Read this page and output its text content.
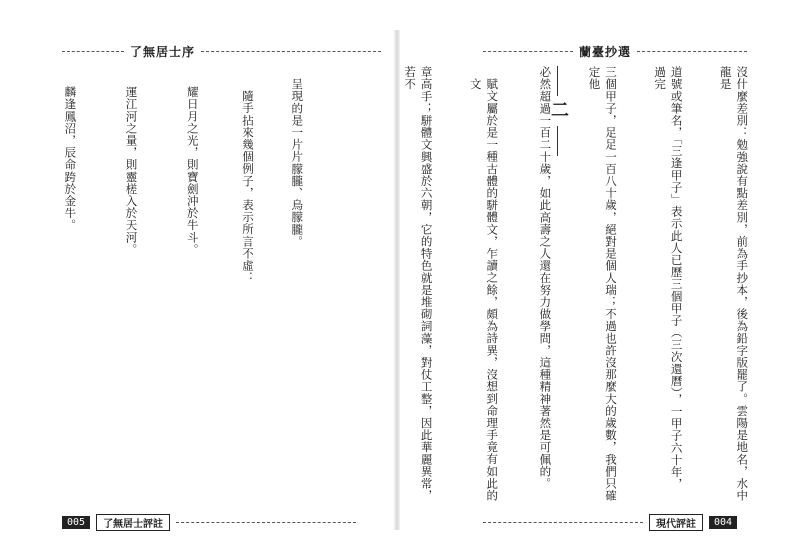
了無居士序

呈現的是一片片朦朧、烏朦朧。

隨手拈來幾個例子，表示所言不虛：

耀日月之光，則寶劍沖於牛斗。

運江河之量，則靈槎入於天河。

麟逢鳳沼，辰命跨於金牛。

005	了無居士評註
蘭臺抄選

沒什麼差別：勉強說有點差別，前為手抄本，後為鉛字版罷了。雲陽是地名，水中龍是

道號或筆名，「三逢甲子」表示此人已歷三個甲子（三次還曆），一甲子六十年，過完

三個甲子，足足一百八十歲，絕對是個人瑞；不過也許沒那麼大的歲數，我們只確定他

必然超過一百二十歲，如此高壽之人還在努力做學問，這種精神著然是可佩的。

二

賦文屬於是一種古體的駢體文，乍讀之餘，頗為詩異，沒想到命理手竟有如此的文

章高手；駢體文興盛於六朝，它的特色就是堆砌詞藻，對仗工整，因此華麗異常，若不

現代評註	004
